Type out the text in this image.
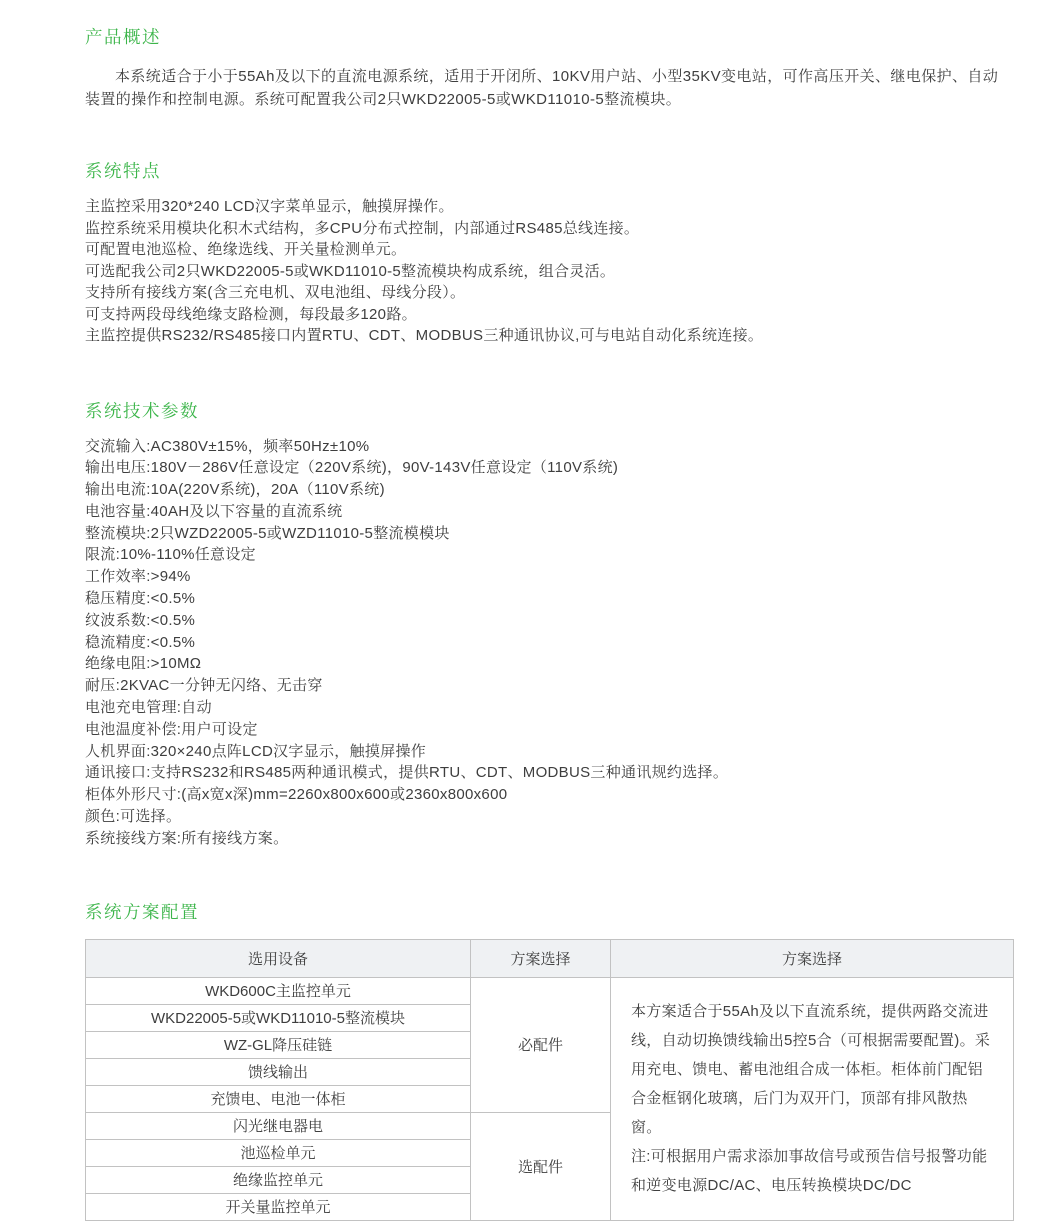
产品概述

本系统适合于小于55Ah及以下的直流电源系统，适用于开闭所、10KV用户站、小型35KV变电站，可作高压开关、继电保护、自动装置的操作和控制电源。系统可配置我公司2只WKD22005-5或WKD11010-5整流模块。

系统特点
主监控采用320*240 LCD汉字菜单显示，触摸屏操作。
监控系统采用模块化积木式结构，多CPU分布式控制，内部通过RS485总线连接。
可配置电池巡检、绝缘选线、开关量检测单元。
可选配我公司2只WKD22005-5或WKD11010-5整流模块构成系统，组合灵活。
支持所有接线方案(含三充电机、双电池组、母线分段）。
可支持两段母线绝缘支路检测，每段最多120路。
主监控提供RS232/RS485接口内置RTU、CDT、MODBUS三种通讯协议,可与电站自动化系统连接。
系统技术参数
交流输入:AC380V±15%，频率50Hz±10%
输出电压:180V－286V任意设定（220V系统)，90V-143V任意设定（110V系统)
输出电流:10A(220V系统)，20A（110V系统)
电池容量:40AH及以下容量的直流系统
整流模块:2只WZD22005-5或WZD11010-5整流模模块
限流:10%-110%任意设定
工作效率:>94%
稳压精度:<0.5%
纹波系数:<0.5%
稳流精度:<0.5%
绝缘电阻:>10MΩ
耐压:2KVAC一分钟无闪络、无击穿
电池充电管理:自动
电池温度补偿:用户可设定
人机界面:320×240点阵LCD汉字显示，触摸屏操作
通讯接口:支持RS232和RS485两种通讯模式，提供RTU、CDT、MODBUS三种通讯规约选择。
柜体外形尺寸:(高x宽x深)mm=2260x800x600或2360x800x600
颜色:可选择。
系统接线方案:所有接线方案。
系统方案配置
选用设备	方案选择	方案选择
WKD600C主监控单元	必配件	本方案适合于55Ah及以下直流系统，提供两路交流进线，自动切换馈线输出5控5合（可根据需要配置)。采用充电、馈电、蓄电池组合成一体柜。柜体前门配铝合金框钢化玻璃，后门为双开门，顶部有排风散热窗。

注:可根据用户需求添加事故信号或预告信号报警功能和逆变电源DC/AC、电压转换模块DC/DC

WKD22005-5或WKD11010-5整流模块		
WZ-GL降压硅链		
馈线输出		
充馈电、电池一体柜		
闪光继电器电	选配件	
池巡检单元		
绝缘监控单元		
开关量监控单元		
